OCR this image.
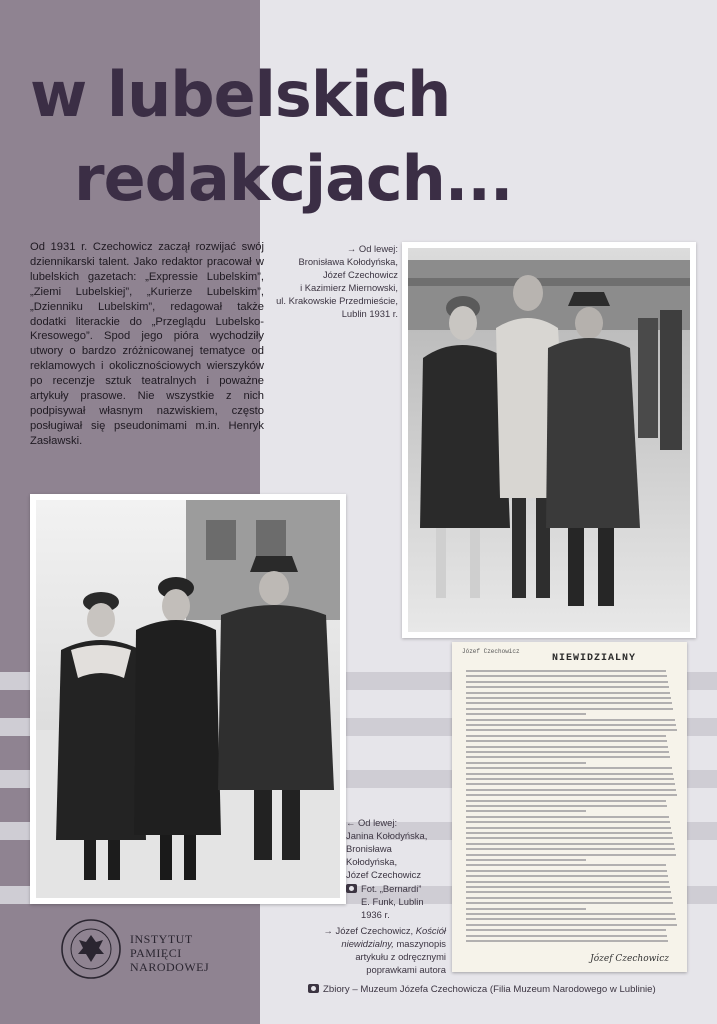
w lubelskich
redakcjach...
Od 1931 r. Czechowicz zaczął rozwijać swój dziennikarski talent. Jako redaktor pracował w lubelskich gazetach: „Expressie Lubelskim”, „Ziemi Lubelskiej”, „Kurierze Lubelskim”, „Dzienniku Lubelskim”, redagował także dodatki literackie do „Przeglądu Lubelsko-Kresowego”. Spod jego pióra wychodziły utwory o bardzo zróżnicowanej tematyce od reklamowych i okolicznościowych wierszyków po recenzje sztuk teatralnych i poważne artykuły prasowe. Nie wszystkie z nich podpisywał własnym nazwiskiem, często posługiwał się pseudonimami m.in. Henryk Zasławski.
→ Od lewej:
Bronisława Kołodyńska,
Józef Czechowicz
i Kazimierz Miernowski,
ul. Krakowskie Przedmieście,
Lublin 1931 r.
← Od lewej:
Janina Kołodyńska,
Bronisława
Kołodyńska,
Józef Czechowicz
Fot. „Bernardi”
E. Funk, Lublin
1936 r.
→ Józef Czechowicz, Kościół
niewidzialny, maszynopis
artykułu z odręcznymi
poprawkami autora
Józef Czechowicz
NIEWIDZIALNY
Józef Czechowicz
INSTYTUT
PAMIĘCI
NARODOWEJ
Zbiory – Muzeum Józefa Czechowicza (Filia Muzeum Narodowego w Lublinie)
